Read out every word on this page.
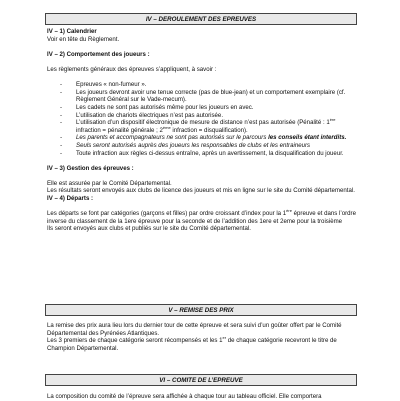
IV – DEROULEMENT DES EPREUVES
IV – 1) Calendrier

Voir en tête du Règlement.

IV – 2) Comportement des joueurs :

Les règlements généraux des épreuves s’appliquent, à savoir :

- Epreuves « non-fumeur ».
- Les joueurs devront avoir une tenue correcte (pas de blue-jean) et un comportement exemplaire (cf. Règlement Général sur le Vade-mecum).
- Les cadets ne sont pas autorisés même pour les joueurs en avec.
- L’utilisation de chariots électriques n’est pas autorisée.
- L’utilisation d’un dispositif électronique de mesure de distance n’est pas autorisée (Pénalité : 1ère infraction = pénalité générale ; 2ème infraction = disqualification).
- Les parents et accompagnateurs ne sont pas autorisés sur le parcours les conseils étant interdits.
- Seuls seront autorisés auprès des joueurs les responsables de clubs et les entraineurs
- Toute infraction aux règles ci-dessus entraîne, après un avertissement, la disqualification du joueur.
IV – 3) Gestion des épreuves :

Elle est assurée par le Comité Départemental.

Les résultats seront envoyés aux clubs de licence des joueurs et mis en ligne sur le site du Comité départemental.

IV – 4) Départs :

Les départs se font par catégories (garçons et filles) par ordre croissant d’index pour la 1ère épreuve et dans l’ordre inverse du classement de la 1ere épreuve pour la seconde et de l’addition des 1ere et 2eme pour la troisième

Ils seront envoyés aux clubs et publiés sur le site du Comité départemental.

V – REMISE DES PRIX

La remise des prix aura lieu lors du dernier tour de cette épreuve et sera suivi d’un goûter offert par le Comité Départemental des Pyrénées Atlantiques.

Les 3 premiers de chaque catégorie seront récompensés et les 1er de chaque catégorie recevront le titre de Champion Départemental.

VI – COMITE DE L’EPREUVE

La composition du comité de l’épreuve sera affichée à chaque tour au tableau officiel. Elle comportera
